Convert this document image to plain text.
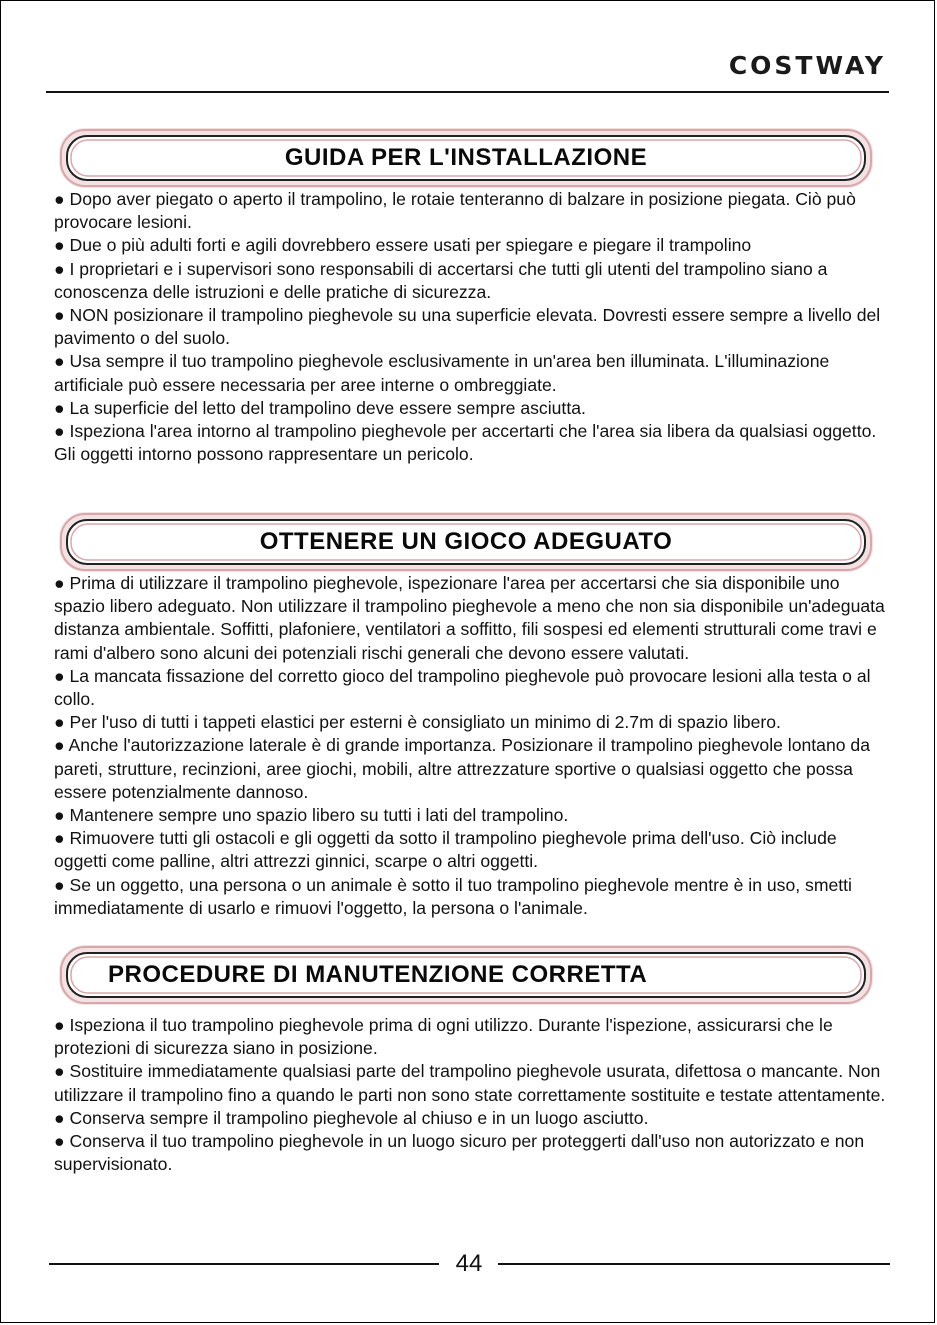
COSTWAY
GUIDA PER L'INSTALLAZIONE

● Dopo aver piegato o aperto il trampolino, le rotaie tenteranno di balzare in posizione piegata. Ciò può provocare lesioni.

● Due o più adulti forti e agili dovrebbero essere usati per spiegare e piegare il trampolino

● I proprietari e i supervisori sono responsabili di accertarsi che tutti gli utenti del trampolino siano a conoscenza delle istruzioni e delle pratiche di sicurezza.

● NON posizionare il trampolino pieghevole su una superficie elevata. Dovresti essere sempre a livello del pavimento o del suolo.

● Usa sempre il tuo trampolino pieghevole esclusivamente in un'area ben illuminata. L'illuminazione artificiale può essere necessaria per aree interne o ombreggiate.

● La superficie del letto del trampolino deve essere sempre asciutta.

● Ispeziona l'area intorno al trampolino pieghevole per accertarti che l'area sia libera da qualsiasi oggetto. Gli oggetti intorno possono rappresentare un pericolo.

OTTENERE UN GIOCO ADEGUATO

● Prima di utilizzare il trampolino pieghevole, ispezionare l'area per accertarsi che sia disponibile uno spazio libero adeguato. Non utilizzare il trampolino pieghevole a meno che non sia disponibile un'adeguata distanza ambientale. Soffitti, plafoniere, ventilatori a soffitto, fili sospesi ed elementi strutturali come travi e rami d'albero sono alcuni dei potenziali rischi generali che devono essere valutati.

● La mancata fissazione del corretto gioco del trampolino pieghevole può provocare lesioni alla testa o al collo.

● Per l'uso di tutti i tappeti elastici per esterni è consigliato un minimo di 2.7m di spazio libero.

● Anche l'autorizzazione laterale è di grande importanza. Posizionare il trampolino pieghevole lontano da pareti, strutture, recinzioni, aree giochi, mobili, altre attrezzature sportive o qualsiasi oggetto che possa essere potenzialmente dannoso.

● Mantenere sempre uno spazio libero su tutti i lati del trampolino.

● Rimuovere tutti gli ostacoli e gli oggetti da sotto il trampolino pieghevole prima dell'uso. Ciò include oggetti come palline, altri attrezzi ginnici, scarpe o altri oggetti.

● Se un oggetto, una persona o un animale è sotto il tuo trampolino pieghevole mentre è in uso, smetti immediatamente di usarlo e rimuovi l'oggetto, la persona o l'animale.

PROCEDURE DI MANUTENZIONE CORRETTA

● Ispeziona il tuo trampolino pieghevole prima di ogni utilizzo. Durante l'ispezione, assicurarsi che le protezioni di sicurezza siano in posizione.

● Sostituire immediatamente qualsiasi parte del trampolino pieghevole usurata, difettosa o mancante. Non utilizzare il trampolino fino a quando le parti non sono state correttamente sostituite e testate attentamente.

● Conserva sempre il trampolino pieghevole al chiuso e in un luogo asciutto.

● Conserva il tuo trampolino pieghevole in un luogo sicuro per proteggerti dall'uso non autorizzato e non supervisionato.

44
